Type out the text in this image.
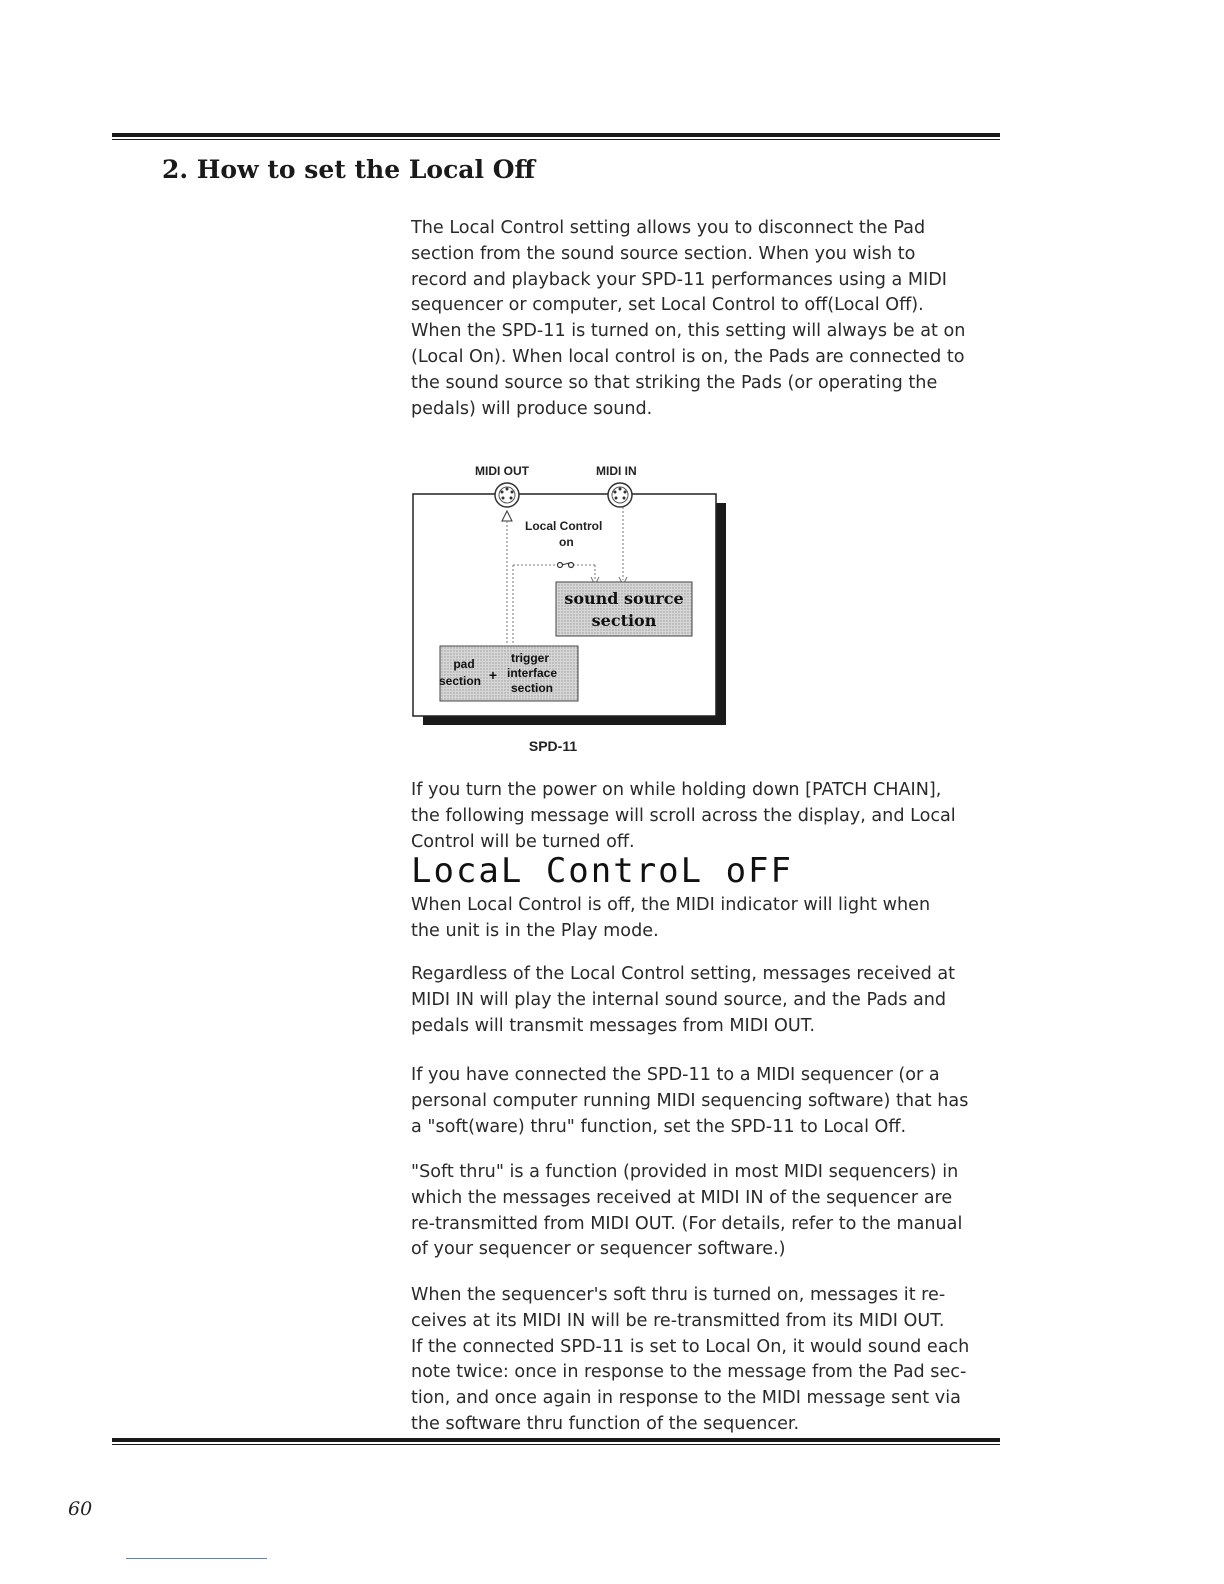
2. How to set the Local Off
The Local Control setting allows you to disconnect the Pad
section from the sound source section. When you wish to
record and playback your SPD-11 performances using a MIDI
sequencer or computer, set Local Control to off(Local Off).
When the SPD-11 is turned on, this setting will always be at on
(Local On). When local control is on, the Pads are connected to
the sound source so that striking the Pads (or operating the
pedals) will produce sound.
MIDI OUT	MIDI IN
Local Control
on
sound source
section
pad
section +
trigger
interface
section
SPD-11
If you turn the power on while holding down [PATCH CHAIN],
the following message will scroll across the display, and Local
Control will be turned off.
LocaL ControL oFF
When Local Control is off, the MIDI indicator will light when
the unit is in the Play mode.
Regardless of the Local Control setting, messages received at
MIDI IN will play the internal sound source, and the Pads and
pedals will transmit messages from MIDI OUT.
If you have connected the SPD-11 to a MIDI sequencer (or a
personal computer running MIDI sequencing software) that has
a "soft(ware) thru" function, set the SPD-11 to Local Off.
"Soft thru" is a function (provided in most MIDI sequencers) in
which the messages received at MIDI IN of the sequencer are
re-transmitted from MIDI OUT. (For details, refer to the manual
of your sequencer or sequencer software.)
When the sequencer's soft thru is turned on, messages it re-
ceives at its MIDI IN will be re-transmitted from its MIDI OUT.
If the connected SPD-11 is set to Local On, it would sound each
note twice: once in response to the message from the Pad sec-
tion, and once again in response to the MIDI message sent via
the software thru function of the sequencer.
60
